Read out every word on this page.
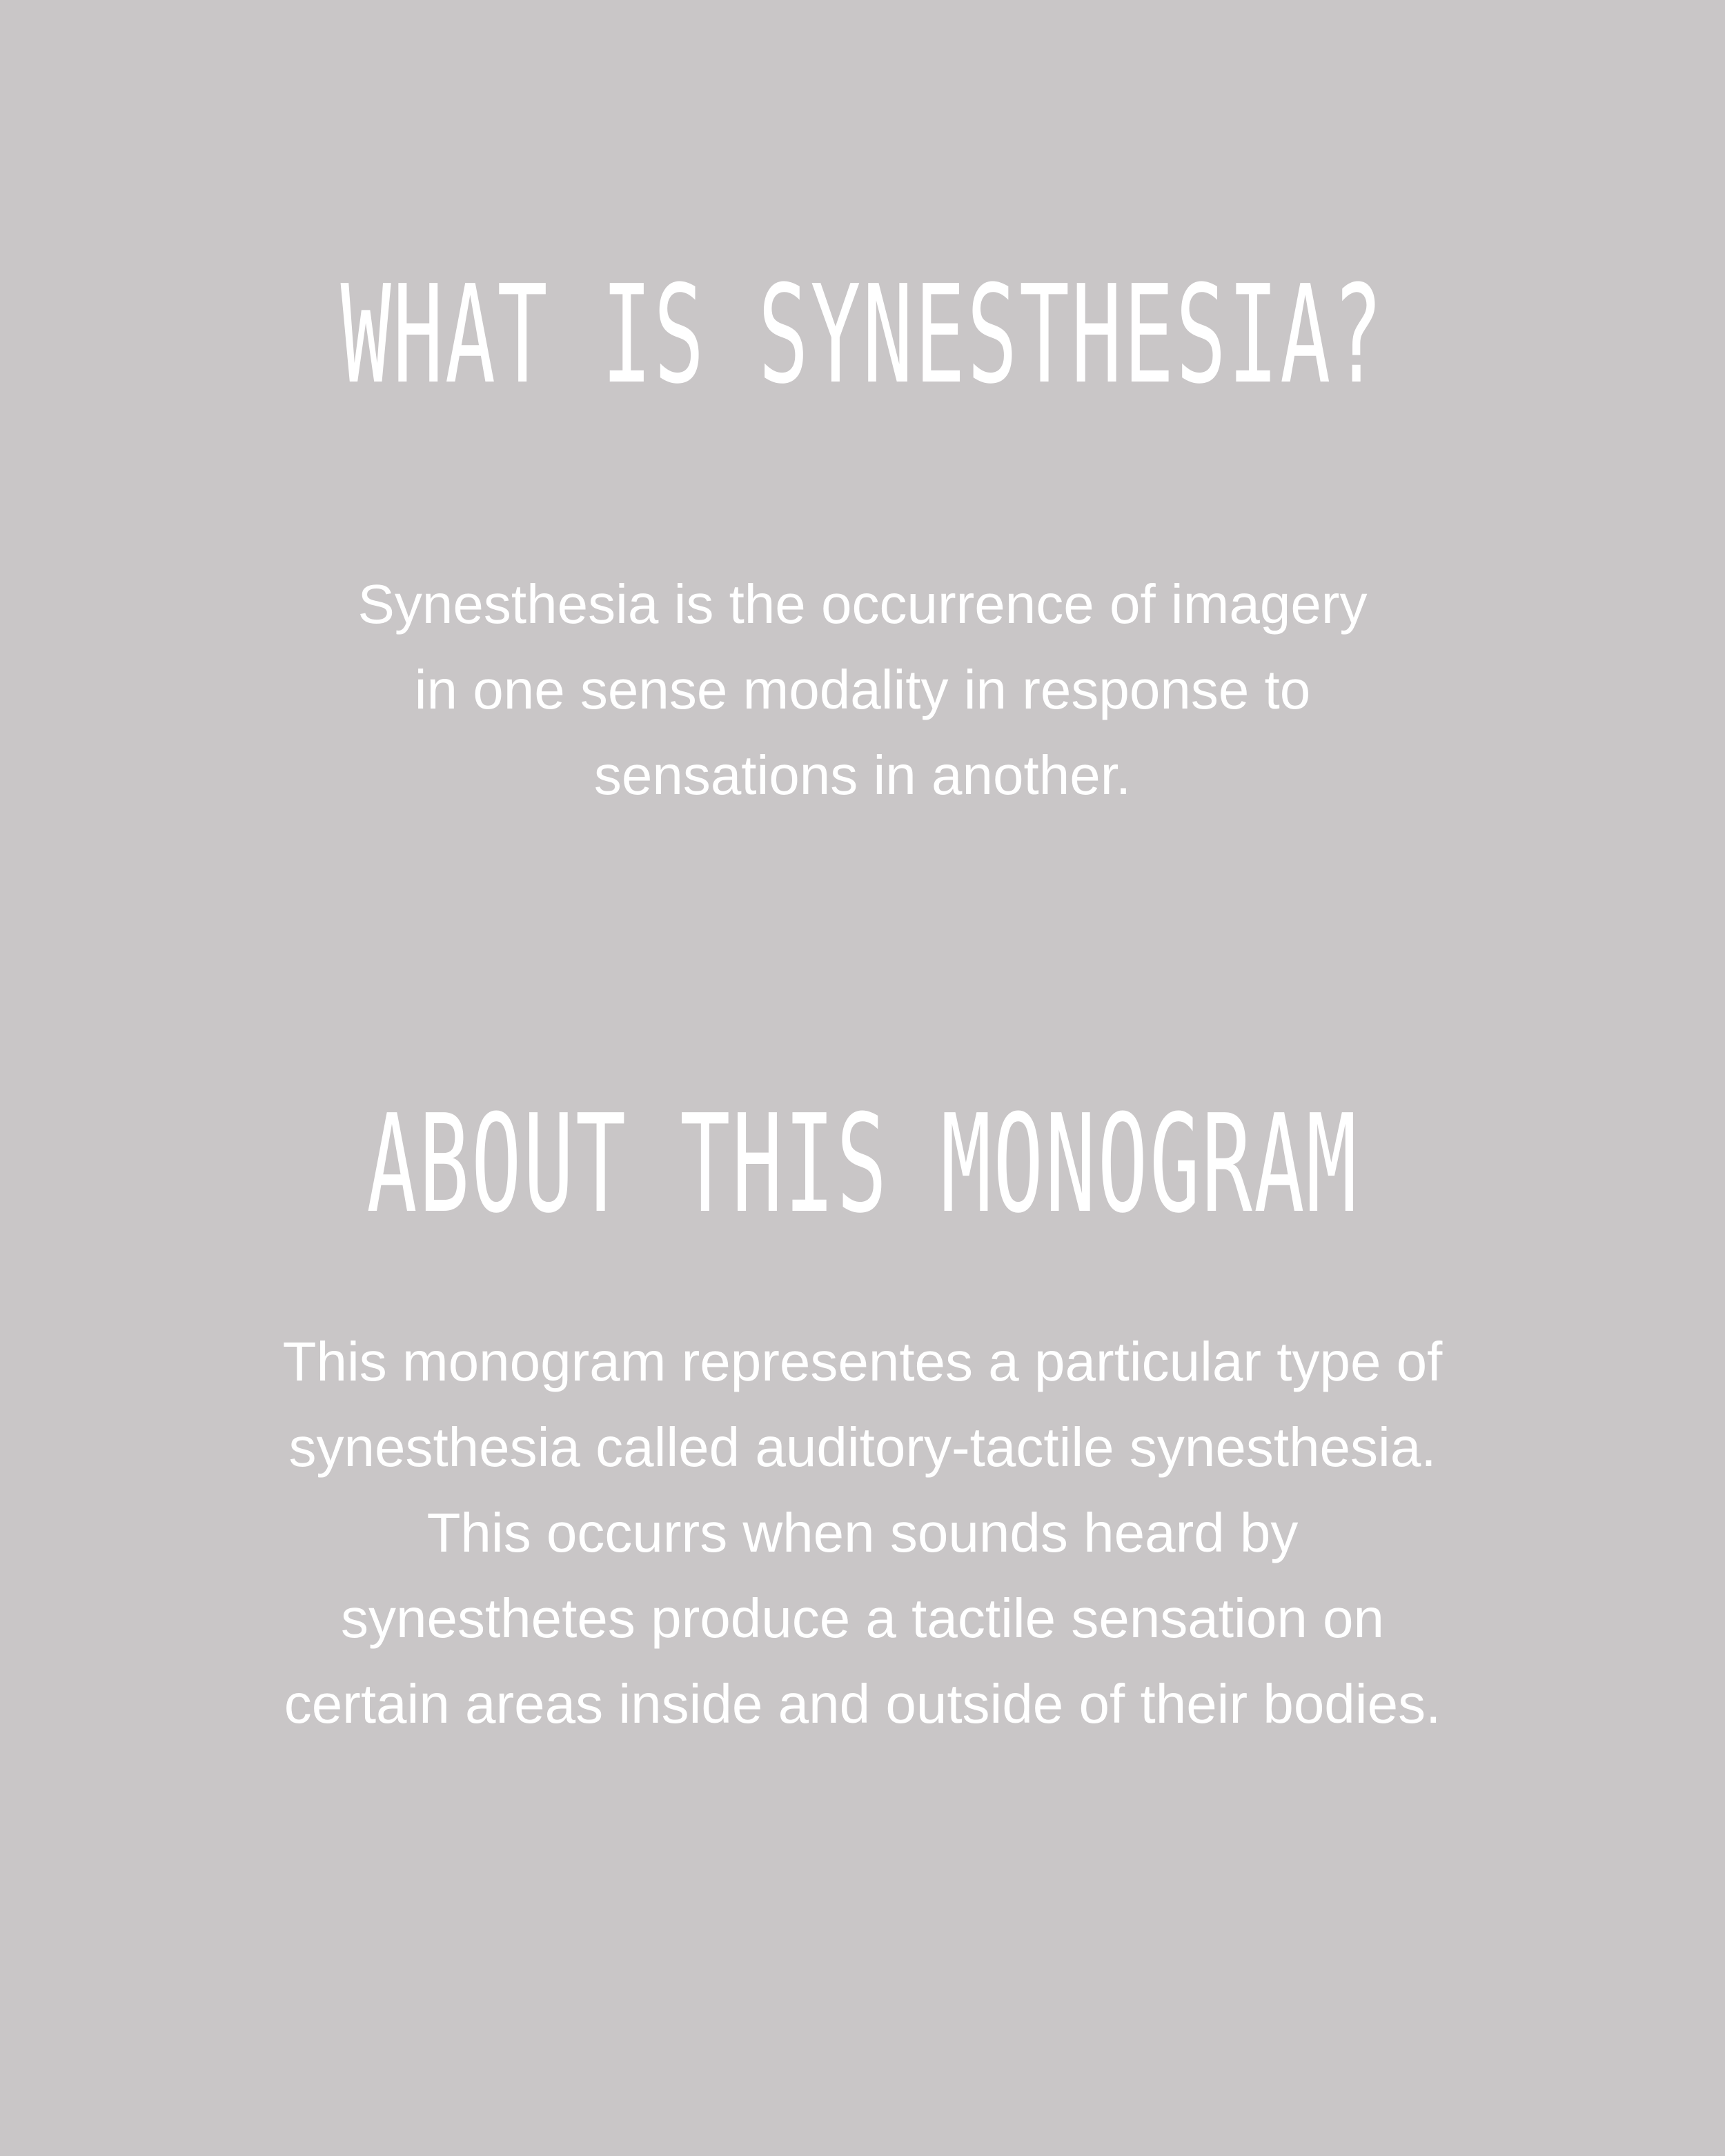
WHAT IS SYNESTHESIA?

Synesthesia is the occurrence of imagery
in one sense modality in response to
sensations in another.

ABOUT THIS MONOGRAM

This monogram representes a particular type of
synesthesia called auditory-tactile synesthesia.
This occurrs when sounds heard by
synesthetes produce a tactile sensation on
certain areas inside and outside of their bodies.
